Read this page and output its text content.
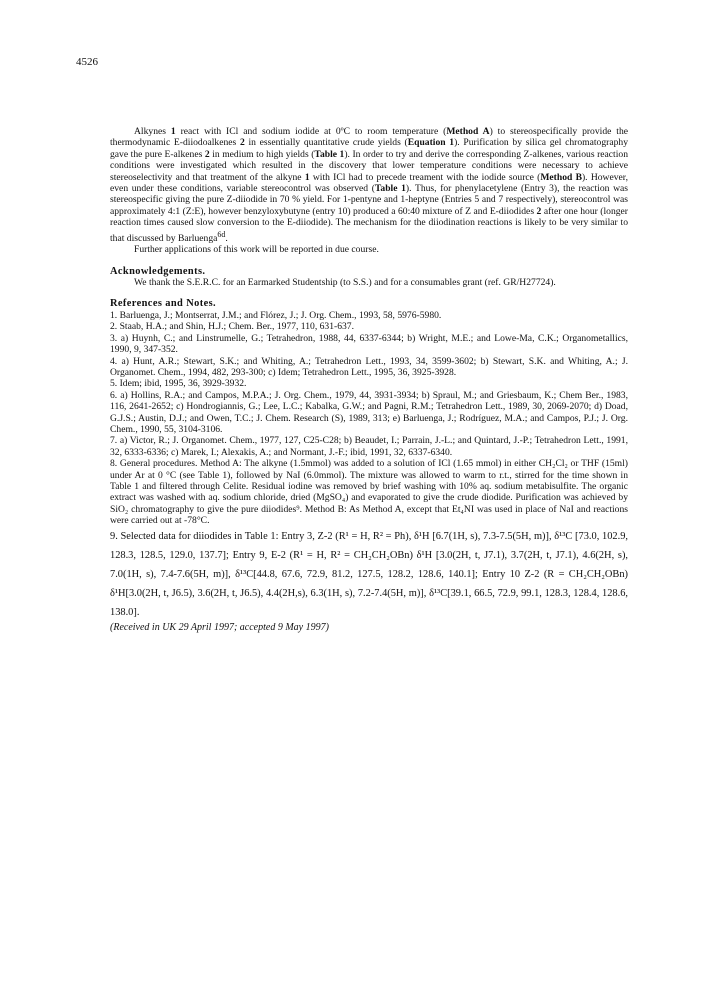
4526

Alkynes 1 react with ICl and sodium iodide at 0ºC to room temperature (Method A) to stereospecifically provide the thermodynamic E-diiodoalkenes 2 in essentially quantitative crude yields (Equation 1). Purification by silica gel chromatography gave the pure E-alkenes 2 in medium to high yields (Table 1). In order to try and derive the corresponding Z-alkenes, various reaction conditions were investigated which resulted in the discovery that lower temperature conditions were necessary to achieve stereoselectivity and that treatment of the alkyne 1 with ICl had to precede treament with the iodide source (Method B). However, even under these conditions, variable stereocontrol was observed (Table 1). Thus, for phenylacetylene (Entry 3), the reaction was stereospecific giving the pure Z-diiodide in 70 % yield. For 1-pentyne and 1-heptyne (Entries 5 and 7 respectively), stereocontrol was approximately 4:1 (Z:E), however benzyloxybutyne (entry 10) produced a 60:40 mixture of Z and E-diiodides 2 after one hour (longer reaction times caused slow conversion to the E-diiodide). The mechanism for the diiodination reactions is likely to be very similar to that discussed by Barluenga$^{6d}$.

Further applications of this work will be reported in due course.

Acknowledgements.

We thank the S.E.R.C. for an Earmarked Studentship (to S.S.) and for a consumables grant (ref. GR/H27724).

References and Notes.

1. Barluenga, J.; Montserrat, J.M.; and Flórez, J.; J. Org. Chem., 1993, 58, 5976-5980.

2. Staab, H.A.; and Shin, H.J.; Chem. Ber., 1977, 110, 631-637.

3. a) Huynh, C.; and Linstrumelle, G.; Tetrahedron, 1988, 44, 6337-6344; b) Wright, M.E.; and Lowe-Ma, C.K.; Organometallics, 1990, 9, 347-352.

4. a) Hunt, A.R.; Stewart, S.K.; and Whiting, A.; Tetrahedron Lett., 1993, 34, 3599-3602; b) Stewart, S.K. and Whiting, A.; J. Organomet. Chem., 1994, 482, 293-300; c) Idem; Tetrahedron Lett., 1995, 36, 3925-3928.

5. Idem; ibid, 1995, 36, 3929-3932.

6. a) Hollins, R.A.; and Campos, M.P.A.; J. Org. Chem., 1979, 44, 3931-3934; b) Spraul, M.; and Griesbaum, K.; Chem Ber., 1983, 116, 2641-2652; c) Hondrogiannis, G.; Lee, L.C.; Kabalka, G.W.; and Pagni, R.M.; Tetrahedron Lett., 1989, 30, 2069-2070; d) Doad, G.J.S.; Austin, D.J.; and Owen, T.C.; J. Chem. Research (S), 1989, 313; e) Barluenga, J.; Rodríguez, M.A.; and Campos, P.J.; J. Org. Chem., 1990, 55, 3104-3106.

7. a) Victor, R.; J. Organomet. Chem., 1977, 127, C25-C28; b) Beaudet, I.; Parrain, J.-L.; and Quintard, J.-P.; Tetrahedron Lett., 1991, 32, 6333-6336; c) Marek, I.; Alexakis, A.; and Normant, J.-F.; ibid, 1991, 32, 6337-6340.

8. General procedures. Method A: The alkyne (1.5mmol) was added to a solution of ICl (1.65 mmol) in either CH₂Cl₂ or THF (15ml) under Ar at 0 °C (see Table 1), followed by NaI (6.0mmol). The mixture was allowed to warm to r.t., stirred for the time shown in Table 1 and filtered through Celite. Residual iodine was removed by brief washing with 10% aq. sodium metabisulfite. The organic extract was washed with aq. sodium chloride, dried (MgSO₄) and evaporated to give the crude diodide. Purification was achieved by SiO₂ chromatography to give the pure diiodides⁹. Method B: As Method A, except that Et₄NI was used in place of NaI and reactions were carried out at -78°C.

9. Selected data for diiodides in Table 1: Entry 3, Z-2 (R¹ = H, R² = Ph), δ¹H [6.7(1H, s), 7.3-7.5(5H, m)], δ¹³C [73.0, 102.9, 128.3, 128.5, 129.0, 137.7]; Entry 9, E-2 (R¹ = H, R² = CH₂CH₂OBn) δ¹H [3.0(2H, t, J7.1), 3.7(2H, t, J7.1), 4.6(2H, s), 7.0(1H, s), 7.4-7.6(5H, m)], δ¹³C[44.8, 67.6, 72.9, 81.2, 127.5, 128.2, 128.6, 140.1]; Entry 10 Z-2 (R = CH₂CH₂OBn) δ¹H[3.0(2H, t, J6.5), 3.6(2H, t, J6.5), 4.4(2H,s), 6.3(1H, s), 7.2-7.4(5H, m)], δ¹³C[39.1, 66.5, 72.9, 99.1, 128.3, 128.4, 128.6, 138.0].

(Received in UK 29 April 1997; accepted 9 May 1997)
